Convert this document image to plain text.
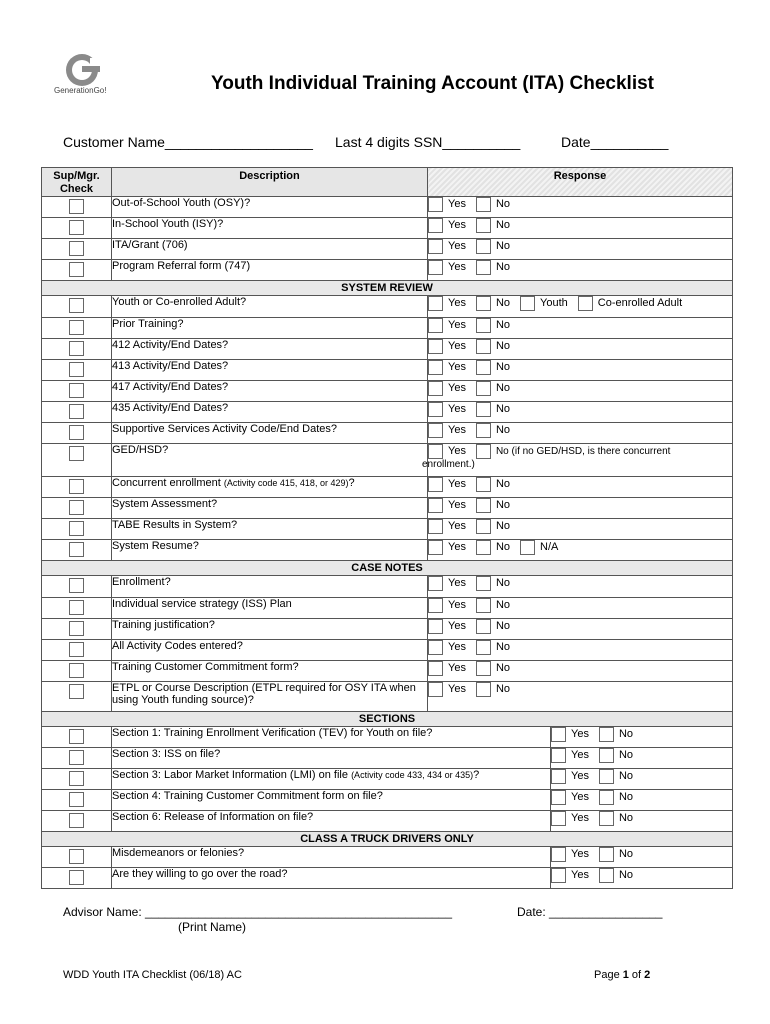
GenerationGo!	Youth Individual Training Account (ITA) Checklist
Customer Name___________________ Last 4 digits SSN__________	Date__________
Sup/Mgr. Check	Description	Response	
	Out-of-School Youth (OSY)?	Yes No	
	In-School Youth (ISY)?	Yes No	
	ITA/Grant (706)	Yes No	
	Program Referral form (747)	Yes No	
SYSTEM REVIEW			
	Youth or Co-enrolled Adult?	Yes No Youth Co-enrolled Adult	
	Prior Training?	Yes No	
	412 Activity/End Dates?	Yes No	
	413 Activity/End Dates?	Yes No	
	417 Activity/End Dates?	Yes No	
	435 Activity/End Dates?	Yes No	
	Supportive Services Activity Code/End Dates?	Yes No	
	GED/HSD?	Yes No (if no GED/HSD, is there concurrent
enrollment.)	

	Concurrent enrollment (Activity code 415, 418, or 429)?	Yes No	
	System Assessment?	Yes No	
	TABE Results in System?	Yes No	
	System Resume?	Yes No N/A	
CASE NOTES			
	Enrollment?	Yes No	
	Individual service strategy (ISS) Plan	Yes No	
	Training justification?	Yes No	
	All Activity Codes entered?	Yes No	
	Training Customer Commitment form?	Yes No	
	ETPL or Course Description (ETPL required for OSY ITA when using Youth funding source)?	Yes No	
SECTIONS			
	Section 1: Training Enrollment Verification (TEV) for Youth on file?		Yes No
	Section 3: ISS on file?		Yes No
	Section 3: Labor Market Information (LMI) on file (Activity code 433, 434 or 435)?		Yes No
	Section 4: Training Customer Commitment form on file?		Yes No
	Section 6: Release of Information on file?		Yes No
CLASS A TRUCK DRIVERS ONLY			
	Misdemeanors or felonies?		Yes No
	Are they willing to go over the road?		Yes No
Advisor Name: ______________________________________________
(Print Name)
Date: _________________
WDD Youth ITA Checklist (06/18) AC	Page 1 of 2
